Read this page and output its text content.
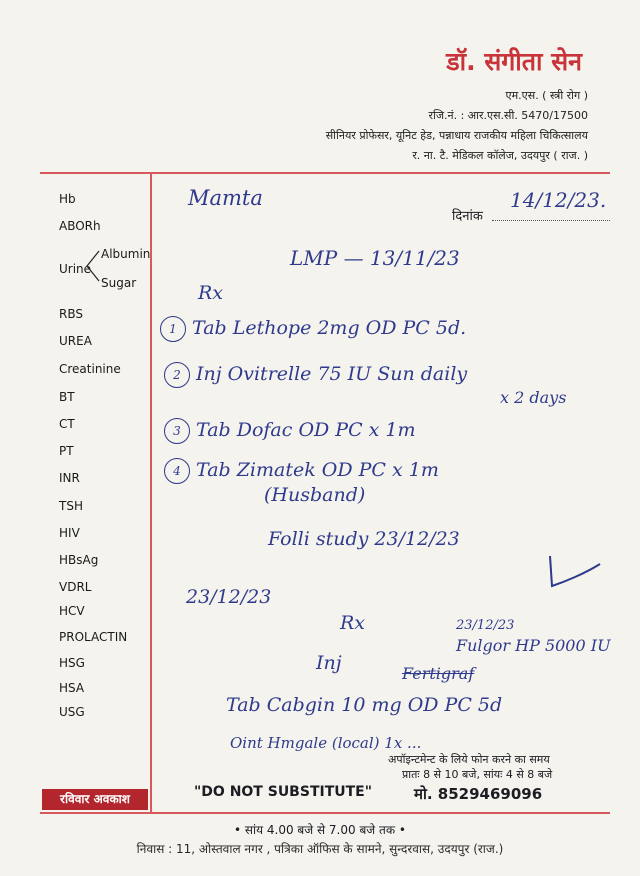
डॉ. संगीता सेन
एम.एस. ( स्त्री रोग )
रजि.नं. : आर.एस.सी. 5470/17500
सीनियर प्रोफेसर, यूनिट हेड, पन्नाधाय राजकीय महिला चिकित्सालय
र. ना. टै. मेडिकल कॉलेज, उदयपुर ( राज. )
Hb
ABORh
Urine
Albumin
Sugar
RBS
UREA
Creatinine
BT
CT
PT
INR
TSH
HIV
HBsAg
VDRL
HCV
PROLACTIN
HSG
HSA
USG
दिनांक
Mamta	14/12/23.
LMP — 13/11/23
Rx
1 Tab Lethope 2mg OD PC 5d.
2 Inj Ovitrelle 75 IU Sun daily
x 2 days
3 Tab Dofac OD PC x 1m
4 Tab Zimatek OD PC x 1m
(Husband)
Folli study 23/12/23
23/12/23
Rx
Inj
23/12/23
Fulgor HP 5000 IU
Fertigraf
Tab Cabgin 10 mg OD PC 5d
Oint Hmgale (local) 1x ...
अपॉइन्टमेन्ट के लिये फोन करने का समय
प्रातः 8 से 10 बजे, सांयः 4 से 8 बजे
रविवार अवकाश	"DO NOT SUBSTITUTE"	मो. 8529469096
• सांय 4.00 बजे से 7.00 बजे तक •
निवास : 11, ओस्तवाल नगर , पत्रिका ऑफिस के सामने, सुन्दरवास, उदयपुर (राज.)
